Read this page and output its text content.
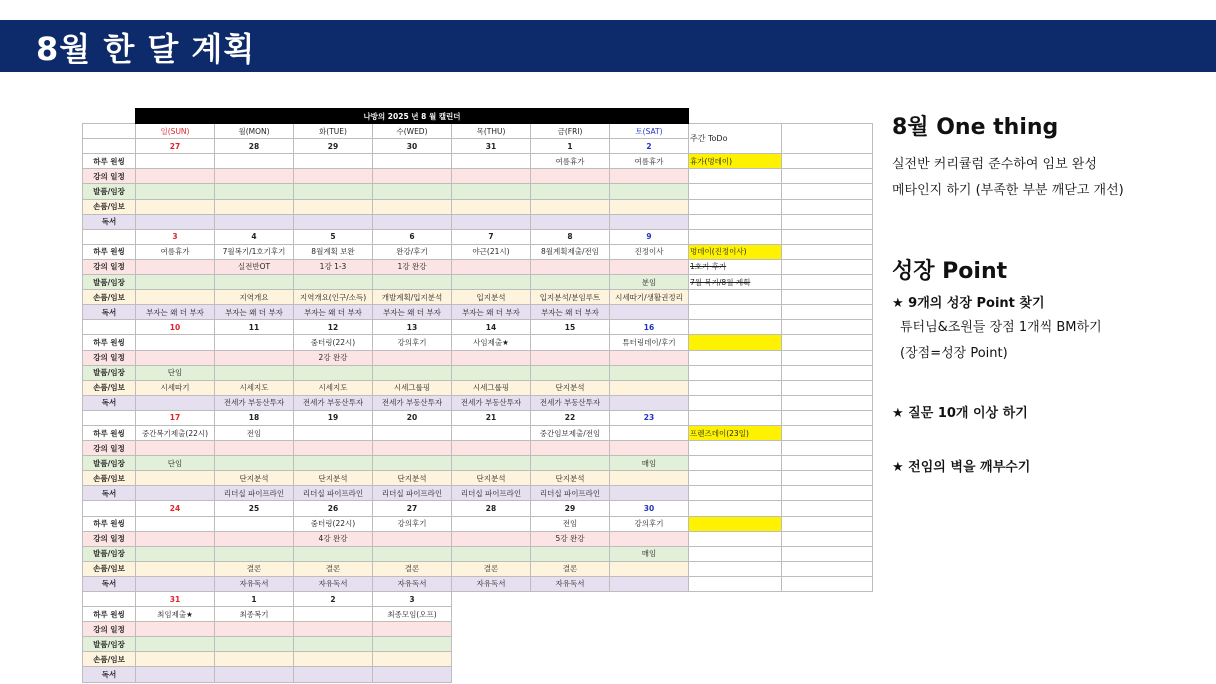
8월 한 달 계획
	나방의 2025 년 8 월 캘린더								
	일(SUN)	월(MON)	화(TUE)	수(WED)	목(THU)	금(FRI)	토(SAT)	주간 ToDo	
	27	28	29	30	31	1	2		
하루 원씽						여름휴가	여름휴가	휴가(멍데이)	
강의 일정									
발품/임장									
손품/임보									
독서									
	3	4	5	6	7	8	9		
하루 원씽	여름휴가	7월복기/1호기후기	8월계획 보완	완강/후기	야근(21시)	8월계획제출/전임	진정이사	멍데이(진정이사)	
강의 일정		실전반OT	1강 1-3	1강 완강				1호기 후기	
발품/임장							분임	7월 복기/8월 계획	
손품/임보		지역개요	지역개요(인구/소득)	개발계획/입지분석	입지분석	입지분석/분임루트	시세따기/생활권정리		
독서	부자는 왜 더 부자	부자는 왜 더 부자	부자는 왜 더 부자	부자는 왜 더 부자	부자는 왜 더 부자	부자는 왜 더 부자			
	10	11	12	13	14	15	16		
하루 원씽			줌터링(22시)	강의후기	사임제출★		튜터링데이/후기		
강의 일정			2강 완강						
발품/임장	단임								
손품/임보	시세따기	시세지도	시세지도	시세그룹핑	시세그룹핑	단지분석			
독서		전세가 부동산투자	전세가 부동산투자	전세가 부동산투자	전세가 부동산투자	전세가 부동산투자			
	17	18	19	20	21	22	23		
하루 원씽	중간복기제출(22시)	전임				중간임보제출/전임		프렌즈데이(23일)	
강의 일정									
발품/임장	단임						매임		
손품/임보		단지분석	단지분석	단지분석	단지분석	단지분석			
독서		리더십 파이프라인	리더십 파이프라인	리더십 파이프라인	리더십 파이프라인	리더십 파이프라인			
	24	25	26	27	28	29	30		
하루 원씽			줌터링(22시)	강의후기		전임	강의후기		
강의 일정			4강 완강			5강 완강			
발품/임장							매임		
손품/임보		결론	결론	결론	결론	결론			
독서		자유독서	자유독서	자유독서	자유독서	자유독서			
	31	1	2	3					
하루 원씽	최임제출★	최종복기		최종모임(오프)					
강의 일정									
발품/임장									
손품/임보									
독서									
8월 One thing

실전반 커리큘럼 준수하여 임보 완성

메타인지 하기 (부족한 부분 깨닫고 개선)

성장 Point
★ 9개의 성장 Point 찾기
튜터님&조원들 장점 1개씩 BM하기
(장점=성장 Point)
★ 질문 10개 이상 하기
★ 전임의 벽을 깨부수기
